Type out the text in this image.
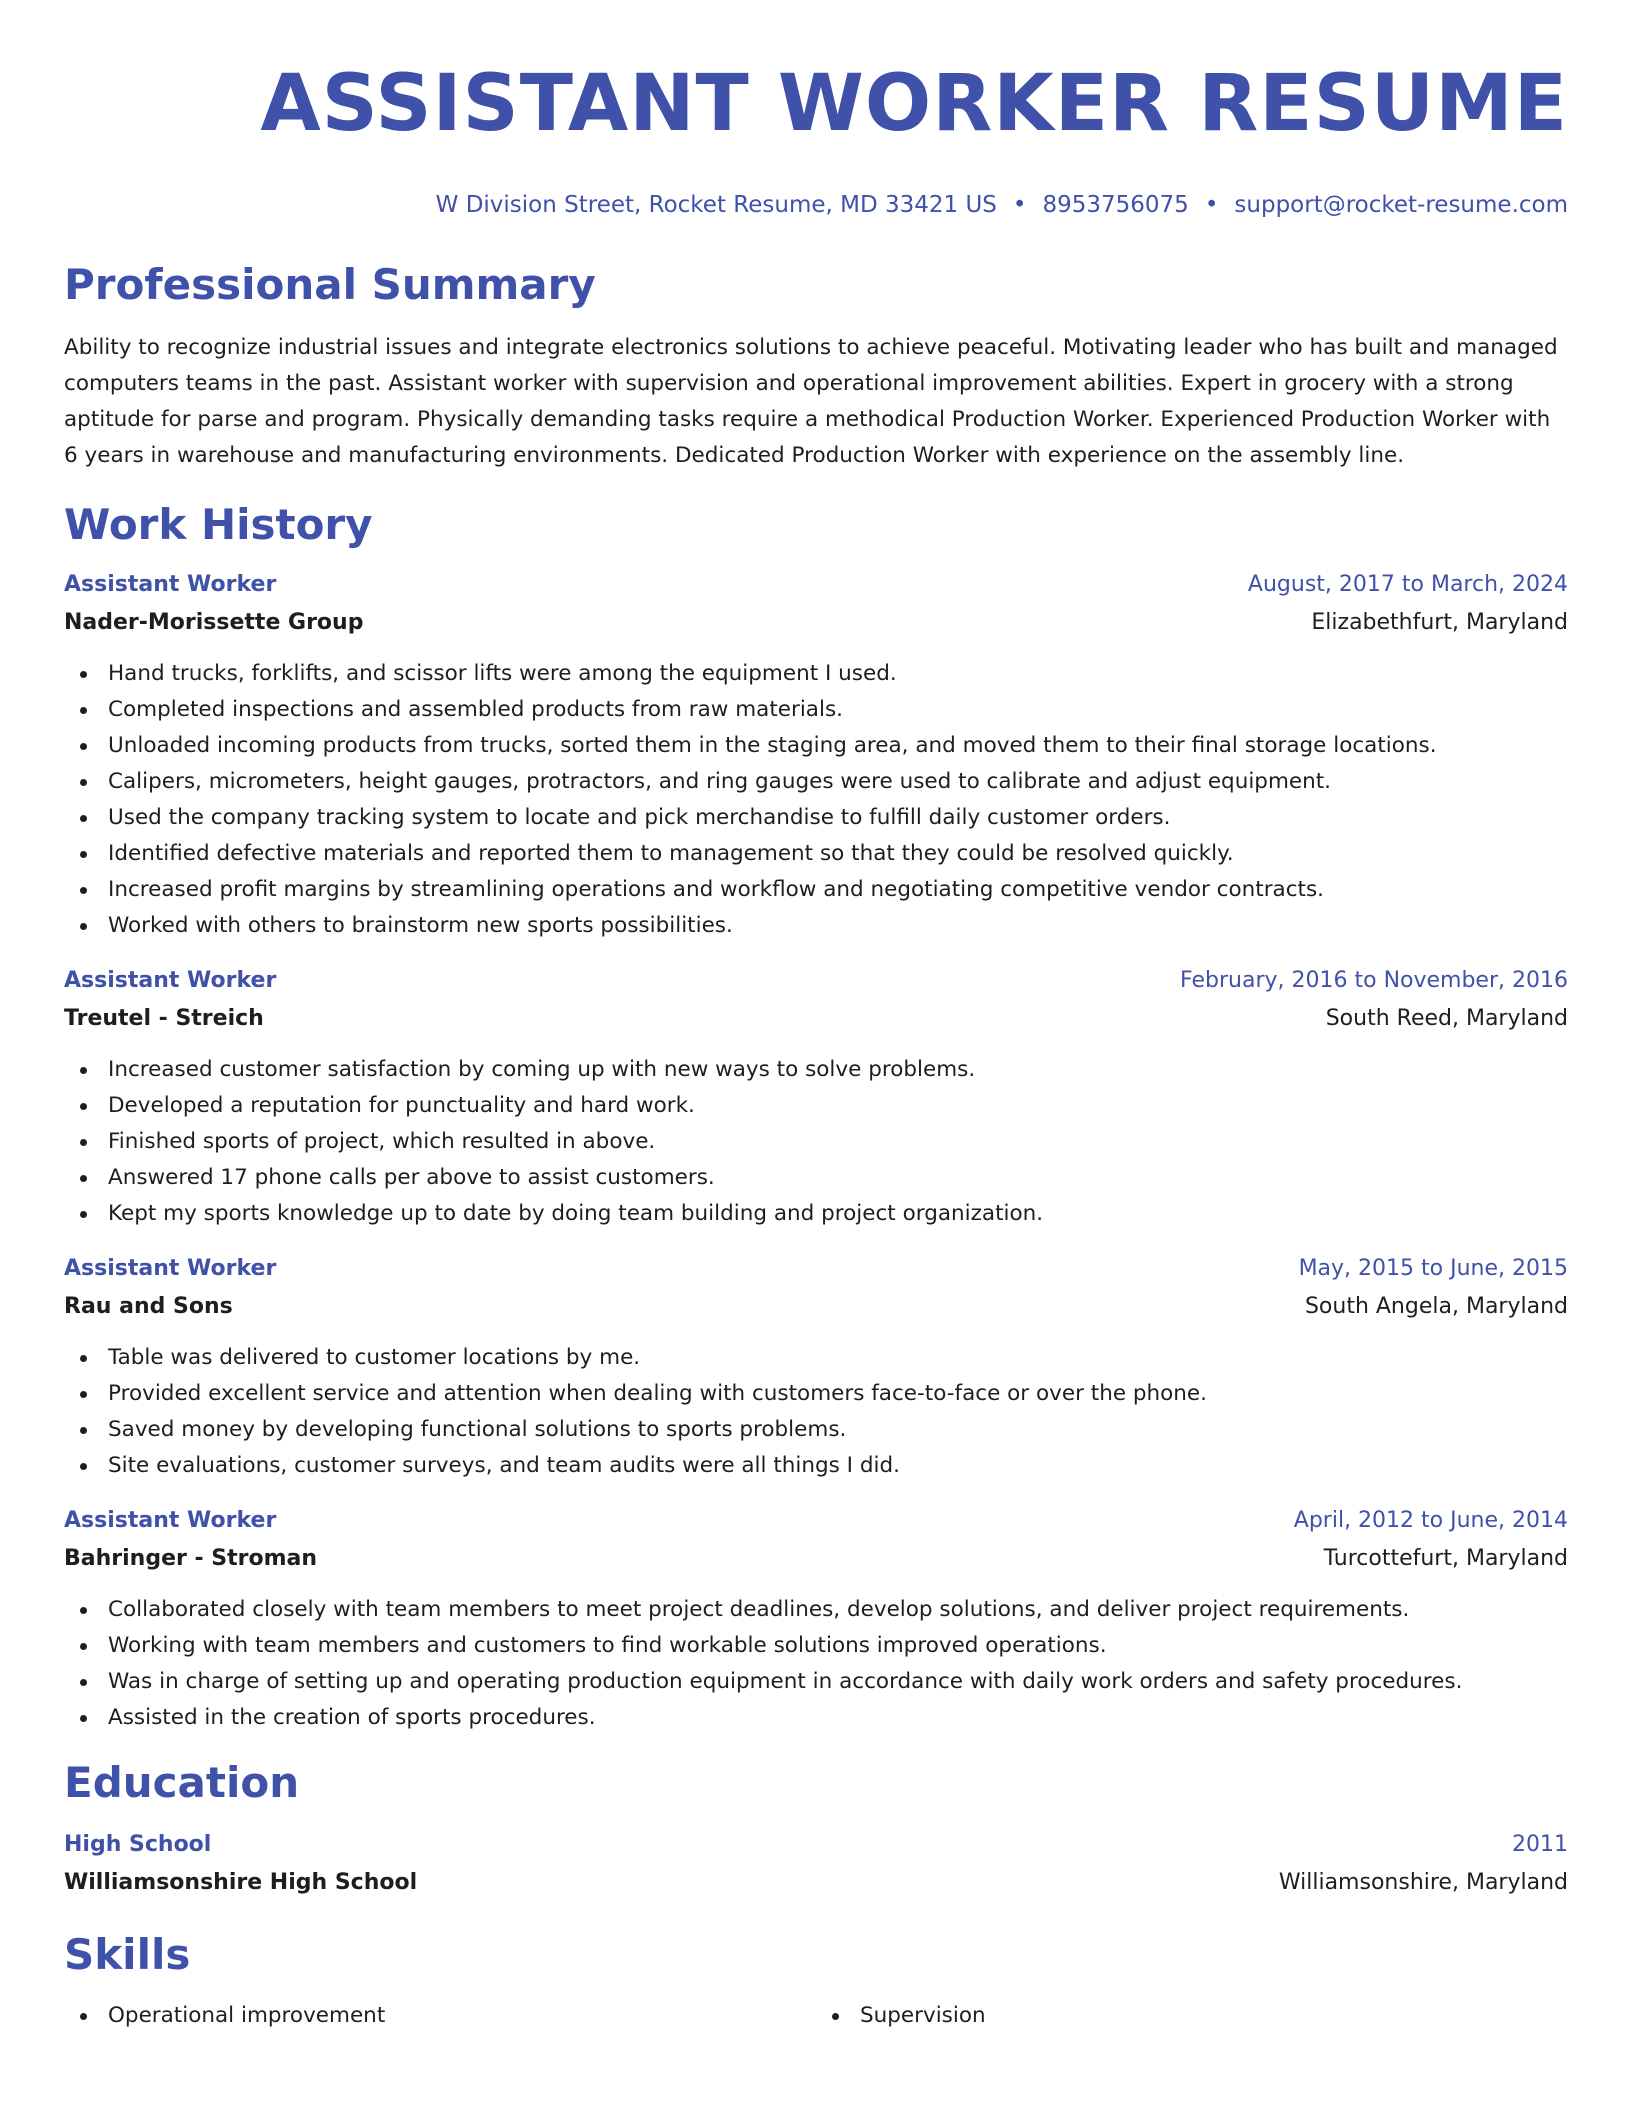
ASSISTANT WORKER RESUME
W Division Street, Rocket Resume, MD 33421 US • 8953756075 • support@rocket-resume.com
Professional Summary

Ability to recognize industrial issues and integrate electronics solutions to achieve peaceful. Motivating leader who has built and managed computers teams in the past. Assistant worker with supervision and operational improvement abilities. Expert in grocery with a strong aptitude for parse and program. Physically demanding tasks require a methodical Production Worker. Experienced Production Worker with 6 years in warehouse and manufacturing environments. Dedicated Production Worker with experience on the assembly line.

Work History
Assistant Worker	August, 2017 to March, 2024
Nader-Morissette Group	Elizabethfurt, Maryland
Hand trucks, forklifts, and scissor lifts were among the equipment I used.
Completed inspections and assembled products from raw materials.
Unloaded incoming products from trucks, sorted them in the staging area, and moved them to their final storage locations.
Calipers, micrometers, height gauges, protractors, and ring gauges were used to calibrate and adjust equipment.
Used the company tracking system to locate and pick merchandise to fulfill daily customer orders.
Identified defective materials and reported them to management so that they could be resolved quickly.
Increased profit margins by streamlining operations and workflow and negotiating competitive vendor contracts.
Worked with others to brainstorm new sports possibilities.
Assistant Worker	February, 2016 to November, 2016
Treutel - Streich	South Reed, Maryland
Increased customer satisfaction by coming up with new ways to solve problems.
Developed a reputation for punctuality and hard work.
Finished sports of project, which resulted in above.
Answered 17 phone calls per above to assist customers.
Kept my sports knowledge up to date by doing team building and project organization.
Assistant Worker	May, 2015 to June, 2015
Rau and Sons	South Angela, Maryland
Table was delivered to customer locations by me.
Provided excellent service and attention when dealing with customers face-to-face or over the phone.
Saved money by developing functional solutions to sports problems.
Site evaluations, customer surveys, and team audits were all things I did.
Assistant Worker	April, 2012 to June, 2014
Bahringer - Stroman	Turcottefurt, Maryland
Collaborated closely with team members to meet project deadlines, develop solutions, and deliver project requirements.
Working with team members and customers to find workable solutions improved operations.
Was in charge of setting up and operating production equipment in accordance with daily work orders and safety procedures.
Assisted in the creation of sports procedures.
Education
High School	2011
Williamsonshire High School	Williamsonshire, Maryland
Skills
Operational improvement	Supervision
